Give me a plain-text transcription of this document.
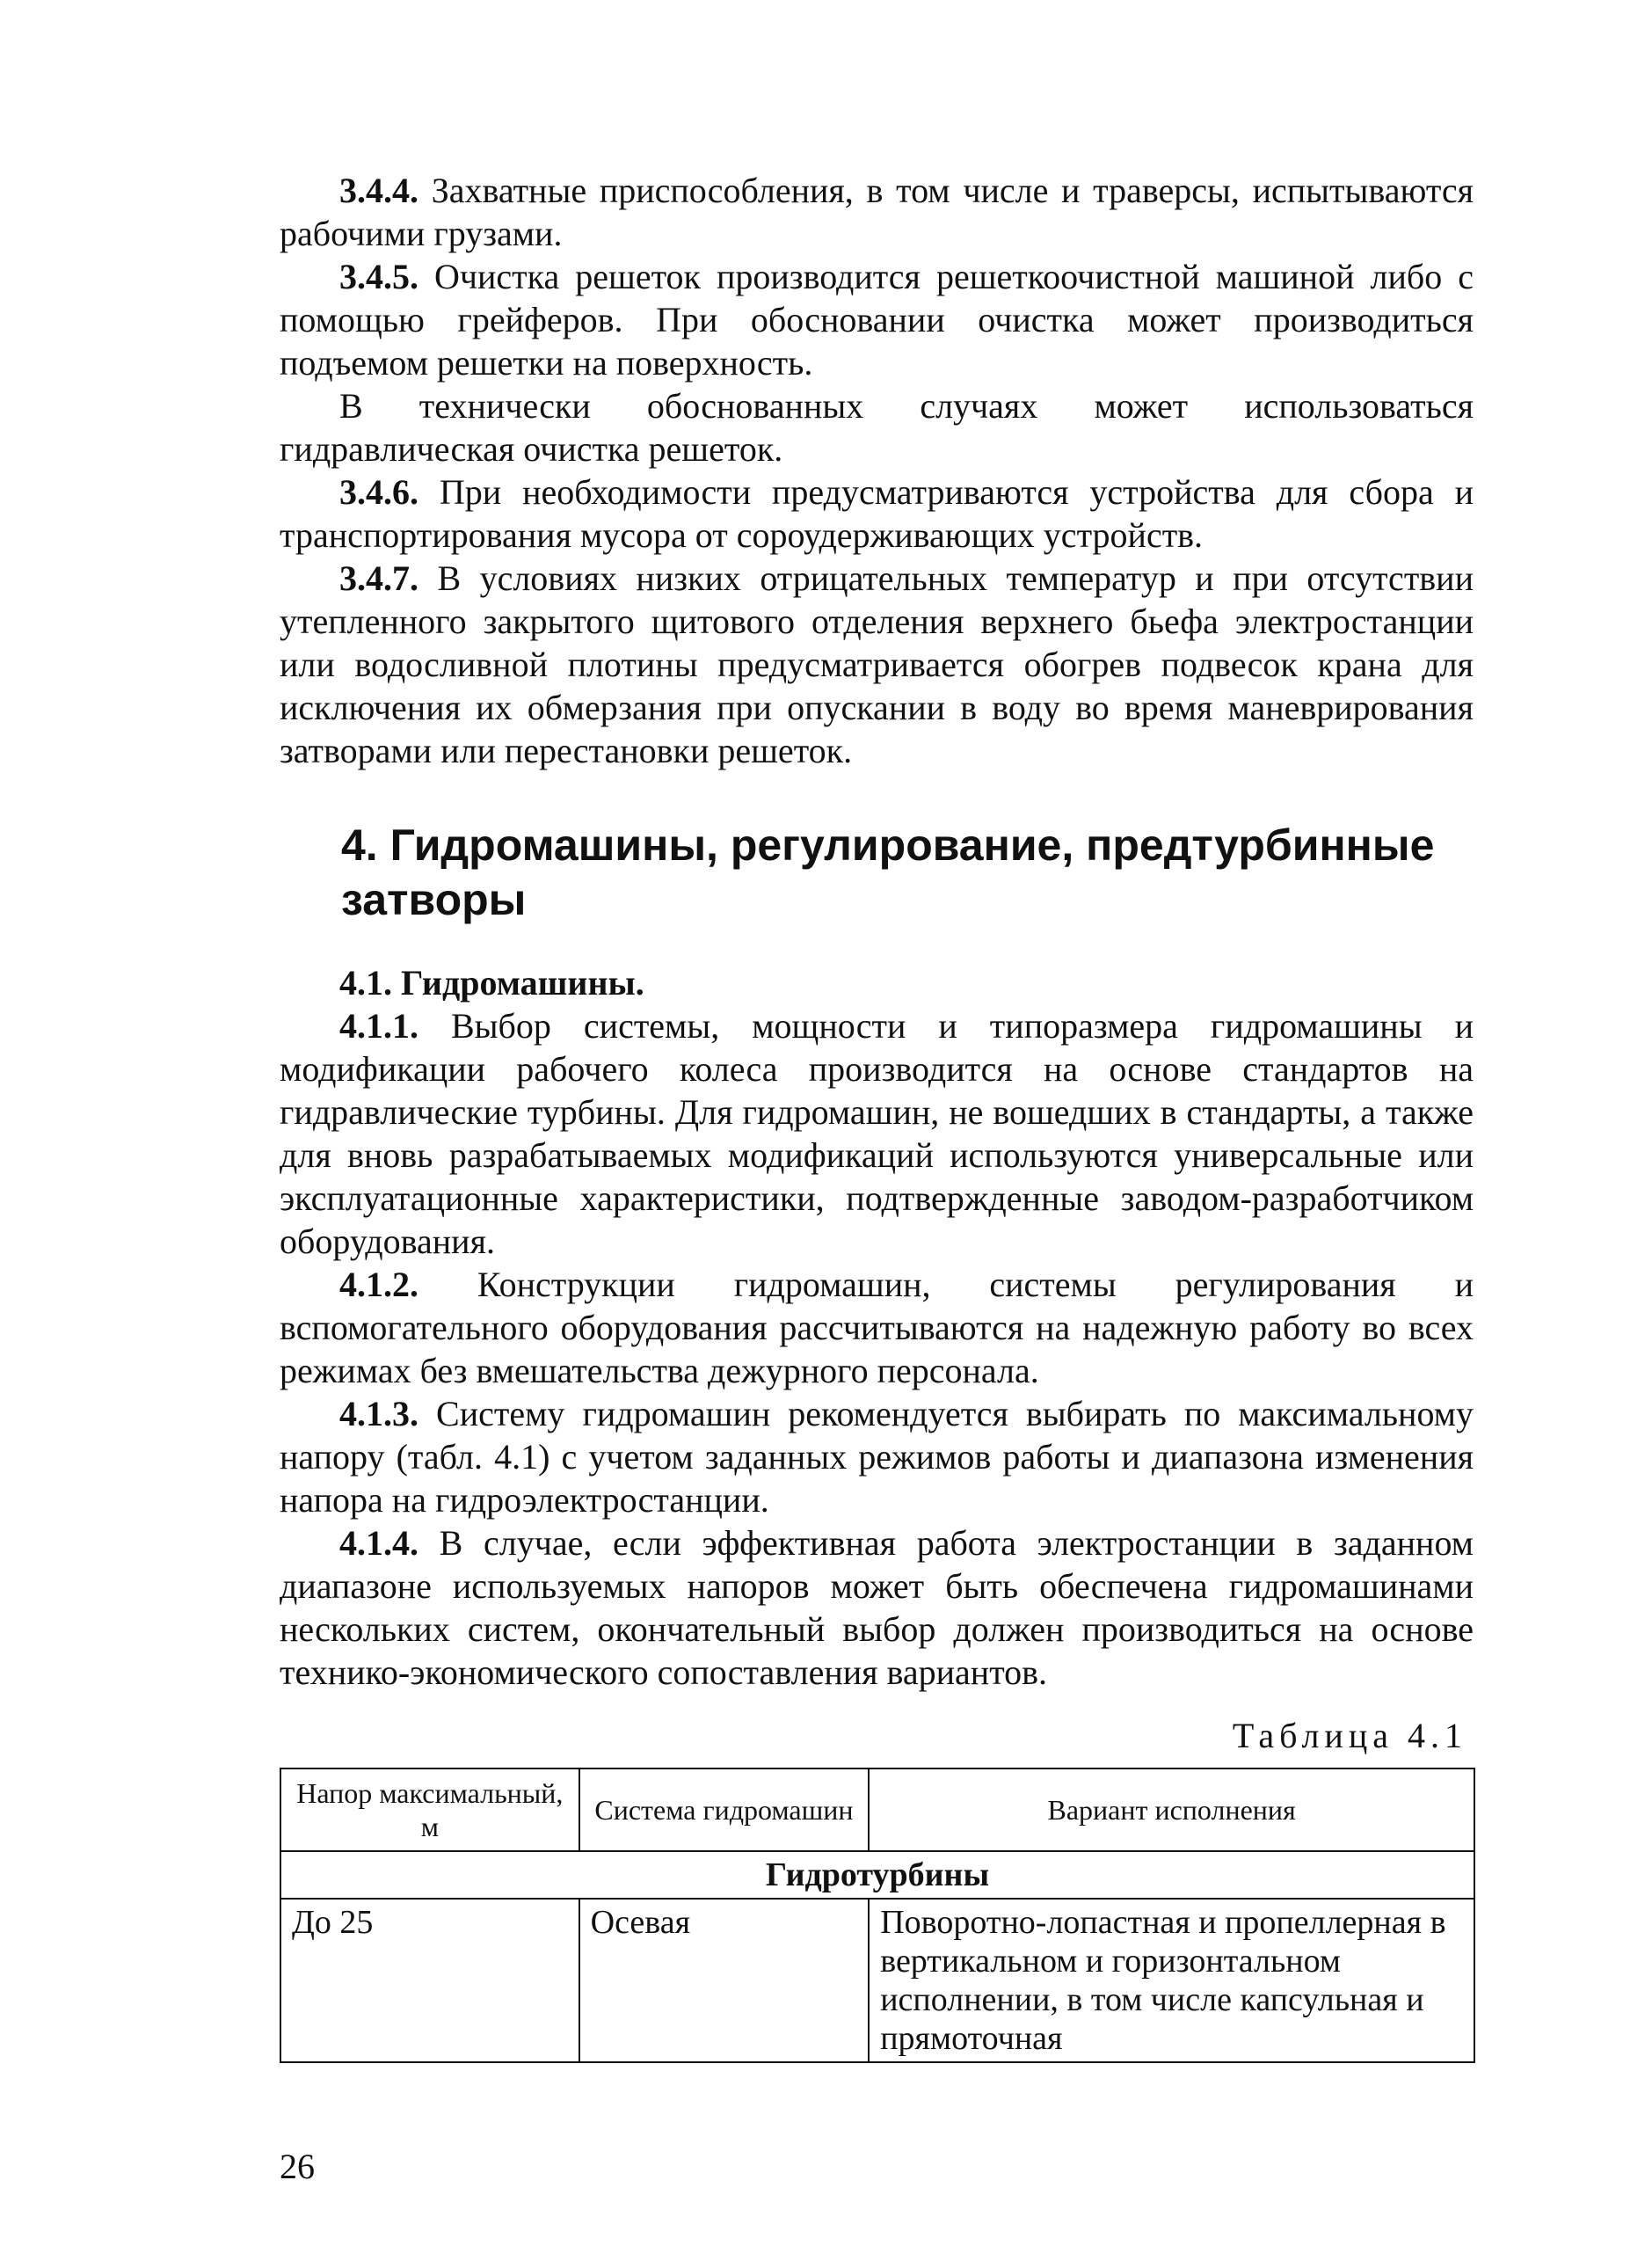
3.4.4. Захватные приспособления, в том числе и траверсы, испытываются рабочими грузами.

3.4.5. Очистка решеток производится решеткоочистной машиной либо с помощью грейферов. При обосновании очистка может производиться подъемом решетки на поверхность.

В технически обоснованных случаях может использоваться гидравлическая очистка решеток.

3.4.6. При необходимости предусматриваются устройства для сбора и транспортирования мусора от сороудерживающих устройств.

3.4.7. В условиях низких отрицательных температур и при отсутствии утепленного закрытого щитового отделения верхнего бьефа электростанции или водосливной плотины предусматривается обогрев подвесок крана для исключения их обмерзания при опускании в воду во время маневрирования затворами или перестановки решеток.

4. Гидромашины, регулирование, предтурбинные затворы

4.1. Гидромашины.

4.1.1. Выбор системы, мощности и типоразмера гидромашины и модификации рабочего колеса производится на основе стандартов на гидравлические турбины. Для гидромашин, не вошедших в стандарты, а также для вновь разрабатываемых модификаций используются универсальные или эксплуатационные характеристики, подтвержденные заводом-разработчиком оборудования.

4.1.2. Конструкции гидромашин, системы регулирования и вспомогательного оборудования рассчитываются на надежную работу во всех режимах без вмешательства дежурного персонала.

4.1.3. Систему гидромашин рекомендуется выбирать по максимальному напору (табл. 4.1) с учетом заданных режимов работы и диапазона изменения напора на гидроэлектростанции.

4.1.4. В случае, если эффективная работа электростанции в заданном диапазоне используемых напоров может быть обеспечена гидромашинами нескольких систем, окончательный выбор должен производиться на основе технико-экономического сопоставления вариантов.

Таблица 4.1
Напор максимальный, м	Система гидромашин	Вариант исполнения
Гидротурбины		
До 25	Осевая	Поворотно-лопастная и пропеллерная в вертикальном и горизонтальном исполнении, в том числе капсульная и прямоточная
26
